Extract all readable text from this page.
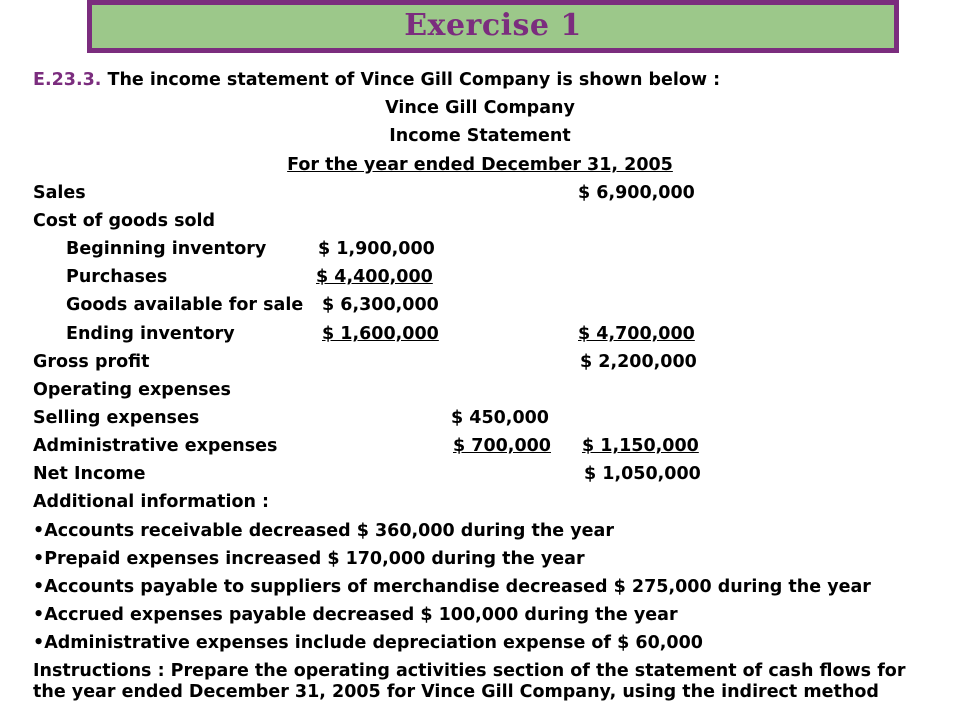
Exercise 1
E.23.3. The income statement of Vince Gill Company is shown below :
Vince Gill Company
Income Statement
For the year ended December 31, 2005
Sales	$ 6,900,000
Cost of goods sold
Beginning inventory	$ 1,900,000
Purchases	$ 4,400,000
Goods available for sale $ 6,300,000
Ending inventory	$ 1,600,000	$ 4,700,000
Gross profit	$ 2,200,000
Operating expenses
Selling expenses	$ 450,000
Administrative expenses	$ 700,000 $ 1,150,000
Net Income	$ 1,050,000
Additional information :
•Accounts receivable decreased $ 360,000 during the year
•Prepaid expenses increased $ 170,000 during the year
•Accounts payable to suppliers of merchandise decreased $ 275,000 during the year
•Accrued expenses payable decreased $ 100,000 during the year
•Administrative expenses include depreciation expense of $ 60,000
Instructions : Prepare the operating activities section of the statement of cash flows for
the year ended December 31, 2005 for Vince Gill Company, using the indirect method
